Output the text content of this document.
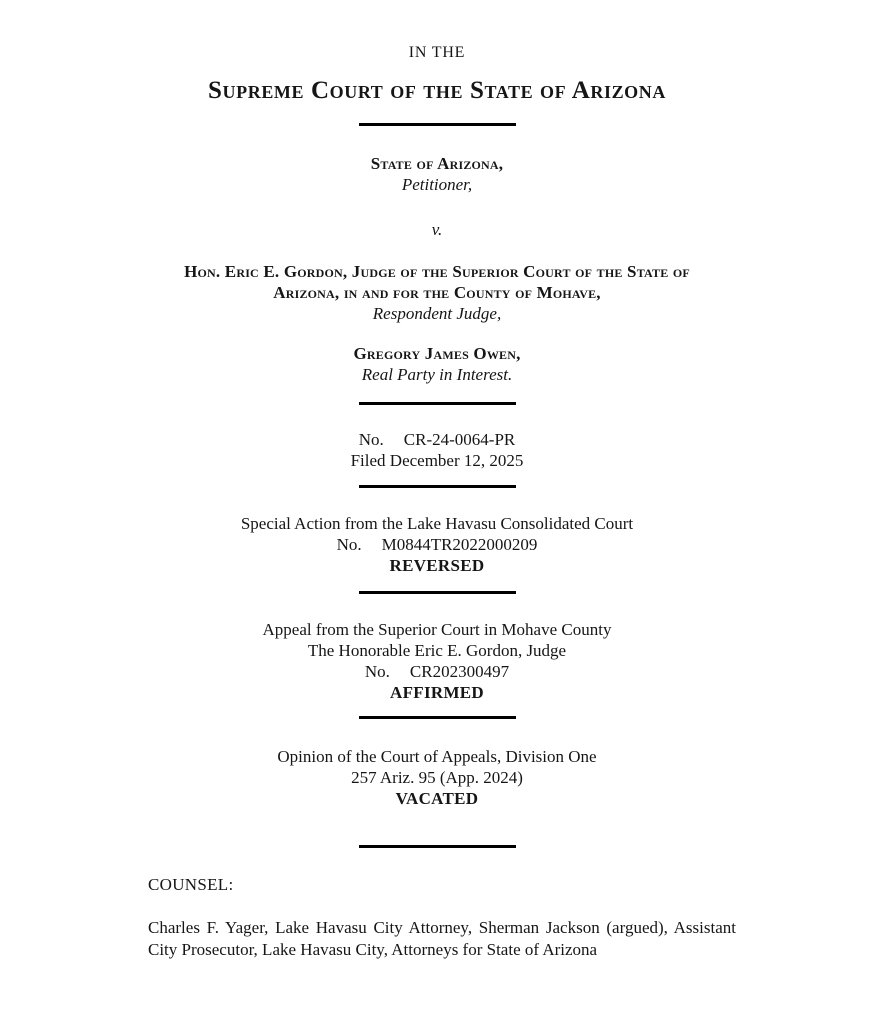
IN THE
Supreme Court of the State of Arizona
State of Arizona,
Petitioner,
v.
Hon. Eric E. Gordon, Judge of the Superior Court of the State of Arizona, in and for the County of Mohave,
Respondent Judge,
Gregory James Owen,
Real Party in Interest.
No. CR-24-0064-PR
Filed December 12, 2025
Special Action from the Lake Havasu Consolidated Court
No. M0844TR2022000209
REVERSED
Appeal from the Superior Court in Mohave County
The Honorable Eric E. Gordon, Judge
No. CR202300497
AFFIRMED
Opinion of the Court of Appeals, Division One
257 Ariz. 95 (App. 2024)
VACATED
COUNSEL:

Charles F. Yager, Lake Havasu City Attorney, Sherman Jackson (argued), Assistant City Prosecutor, Lake Havasu City, Attorneys for State of Arizona
